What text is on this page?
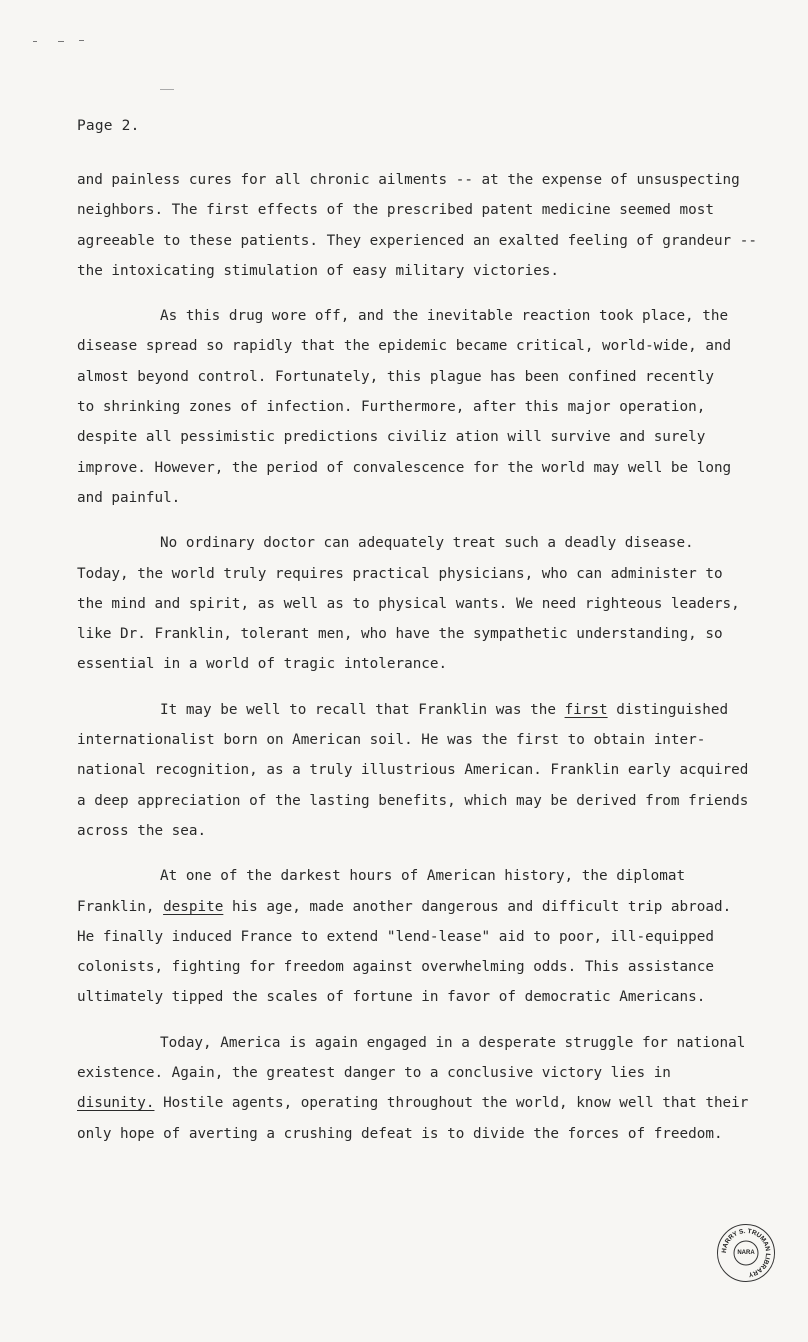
Page 2.
and painless cures for all chronic ailments -- at the expense of unsuspecting
neighbors. The first effects of the prescribed patent medicine seemed most
agreeable to these patients. They experienced an exalted feeling of grandeur --
the intoxicating stimulation of easy military victories.
As this drug wore off, and the inevitable reaction took place, the
disease spread so rapidly that the epidemic became critical, world-wide, and
almost beyond control. Fortunately, this plague has been confined recently
to shrinking zones of infection. Furthermore, after this major operation,
despite all pessimistic predictions civiliz ation will survive and surely
improve. However, the period of convalescence for the world may well be long
and painful.
No ordinary doctor can adequately treat such a deadly disease.
Today, the world truly requires practical physicians, who can administer to
the mind and spirit, as well as to physical wants. We need righteous leaders,
like Dr. Franklin, tolerant men, who have the sympathetic understanding, so
essential in a world of tragic intolerance.
It may be well to recall that Franklin was the first distinguished
internationalist born on American soil. He was the first to obtain inter-
national recognition, as a truly illustrious American. Franklin early acquired
a deep appreciation of the lasting benefits, which may be derived from friends
across the sea.
At one of the darkest hours of American history, the diplomat
Franklin, despite his age, made another dangerous and difficult trip abroad.
He finally induced France to extend "lend-lease" aid to poor, ill-equipped
colonists, fighting for freedom against overwhelming odds. This assistance
ultimately tipped the scales of fortune in favor of democratic Americans.
Today, America is again engaged in a desperate struggle for national
existence. Again, the greatest danger to a conclusive victory lies in
disunity. Hostile agents, operating throughout the world, know well that their
only hope of averting a crushing defeat is to divide the forces of freedom.
HARRY S. TRUMAN LIBRARY
NARA
